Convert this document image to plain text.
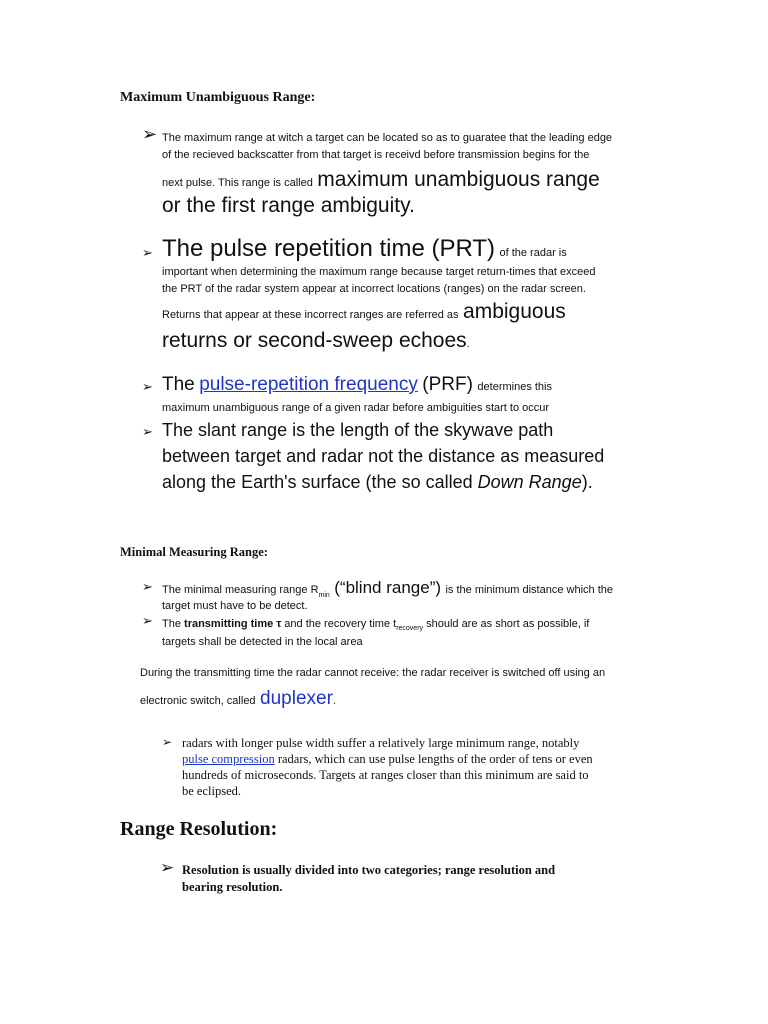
Maximum Unambiguous Range:
➢ The maximum range at witch a target can be located so as to guaratee that the leading edge
of the recieved backscatter from that target is receivd before transmission begins for the
next pulse. This range is called maximum unambiguous range
or the first range ambiguity.
➢ The pulse repetition time (PRT) of the radar is
important when determining the maximum range because target return-times that exceed
the PRT of the radar system appear at incorrect locations (ranges) on the radar screen.
Returns that appear at these incorrect ranges are referred as ambiguous
returns or second-sweep echoes.
➢ The pulse-repetition frequency (PRF) determines this
maximum unambiguous range of a given radar before ambiguities start to occur
➢ The slant range is the length of the skywave path
between target and radar not the distance as measured
along the Earth's surface (the so called Down Range).
Minimal Measuring Range:
➢ The minimal measuring range $R_{min}$ (“blind range”) is the minimum distance which the
target must have to be detect.
➢ The transmitting time τ and the recovery time $t_{recovery}$ should are as short as possible, if
targets shall be detected in the local area
During the transmitting time the radar cannot receive: the radar receiver is switched off using an
electronic switch, called duplexer.
➢ radars with longer pulse width suffer a relatively large minimum range, notably
pulse compression radars, which can use pulse lengths of the order of tens or even
hundreds of microseconds. Targets at ranges closer than this minimum are said to
be eclipsed.
Range Resolution:
➢ Resolution is usually divided into two categories; range resolution and
bearing resolution.
